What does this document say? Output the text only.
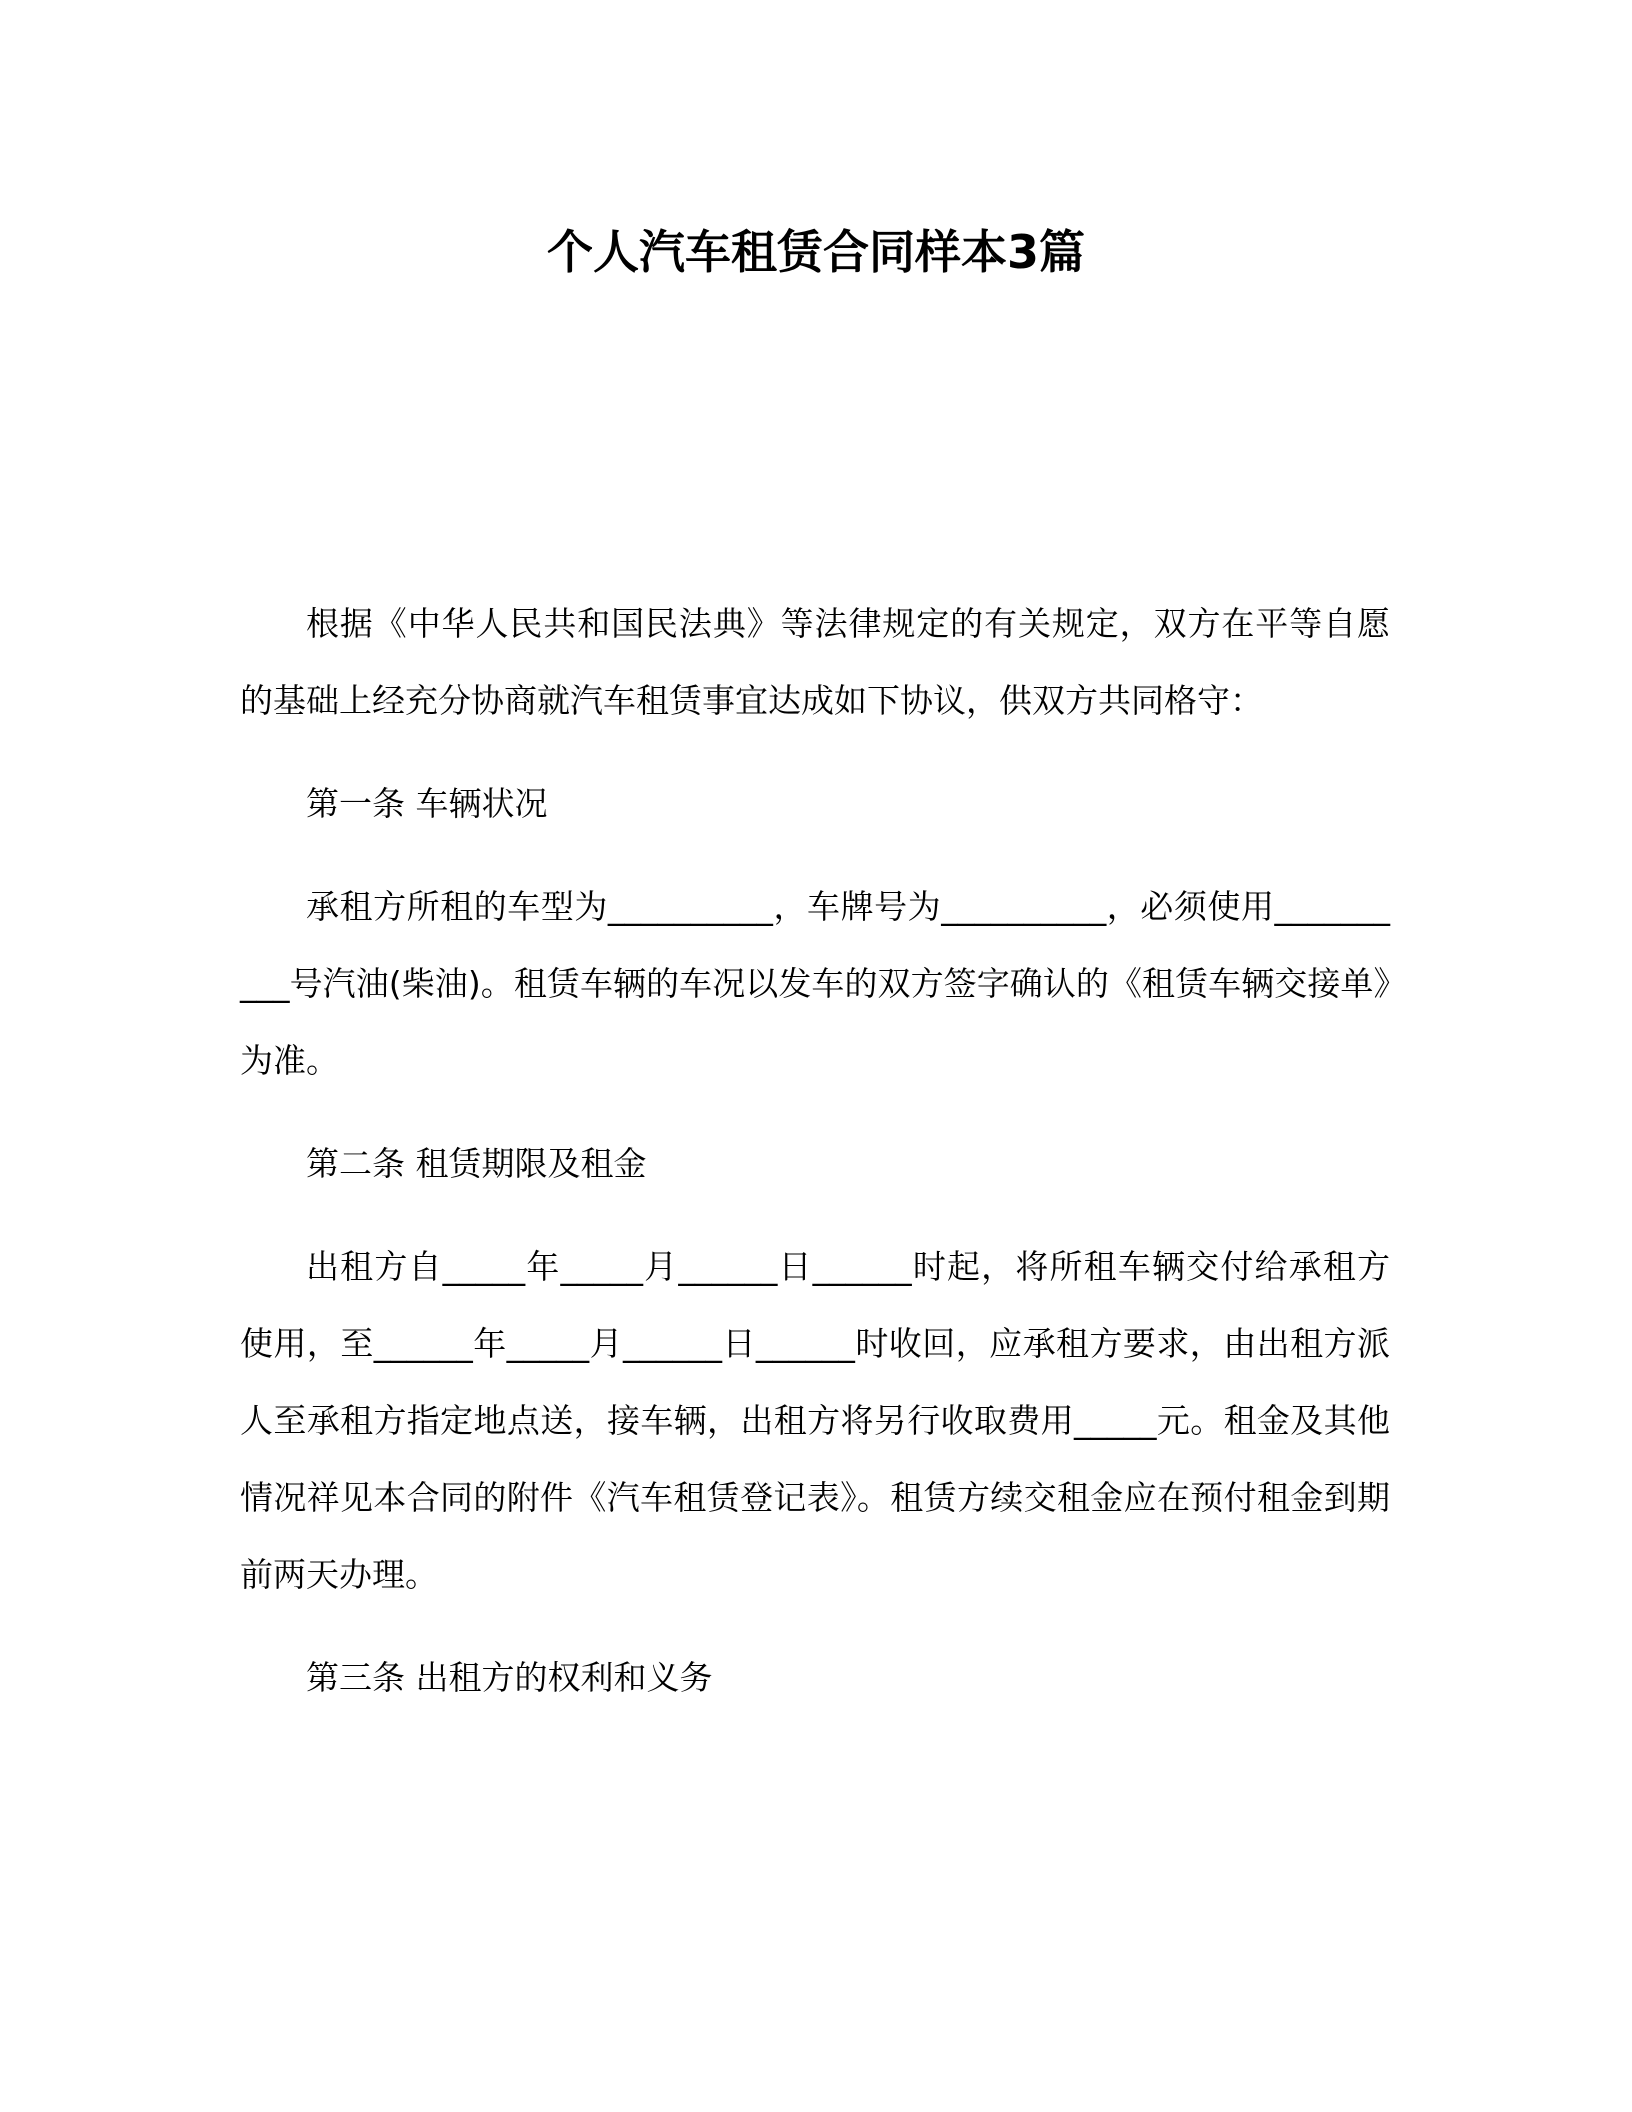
个人汽车租赁合同样本3篇

根据《中华人民共和国民法典》等法律规定的有关规定，双方在平等自愿的基础上经充分协商就汽车租赁事宜达成如下协议，供双方共同格守：

第一条 车辆状况

承租方所租的车型为__________，车牌号为__________，必须使用__________号汽油(柴油)。租赁车辆的车况以发车的双方签字确认的《租赁车辆交接单》为准。

第二条 租赁期限及租金

出租方自_____年_____月______日______时起，将所租车辆交付给承租方使用，至______年_____月______日______时收回，应承租方要求，由出租方派人至承租方指定地点送，接车辆，出租方将另行收取费用_____元。租金及其他情况祥见本合同的附件《汽车租赁登记表》。租赁方续交租金应在预付租金到期前两天办理。

第三条 出租方的权利和义务
